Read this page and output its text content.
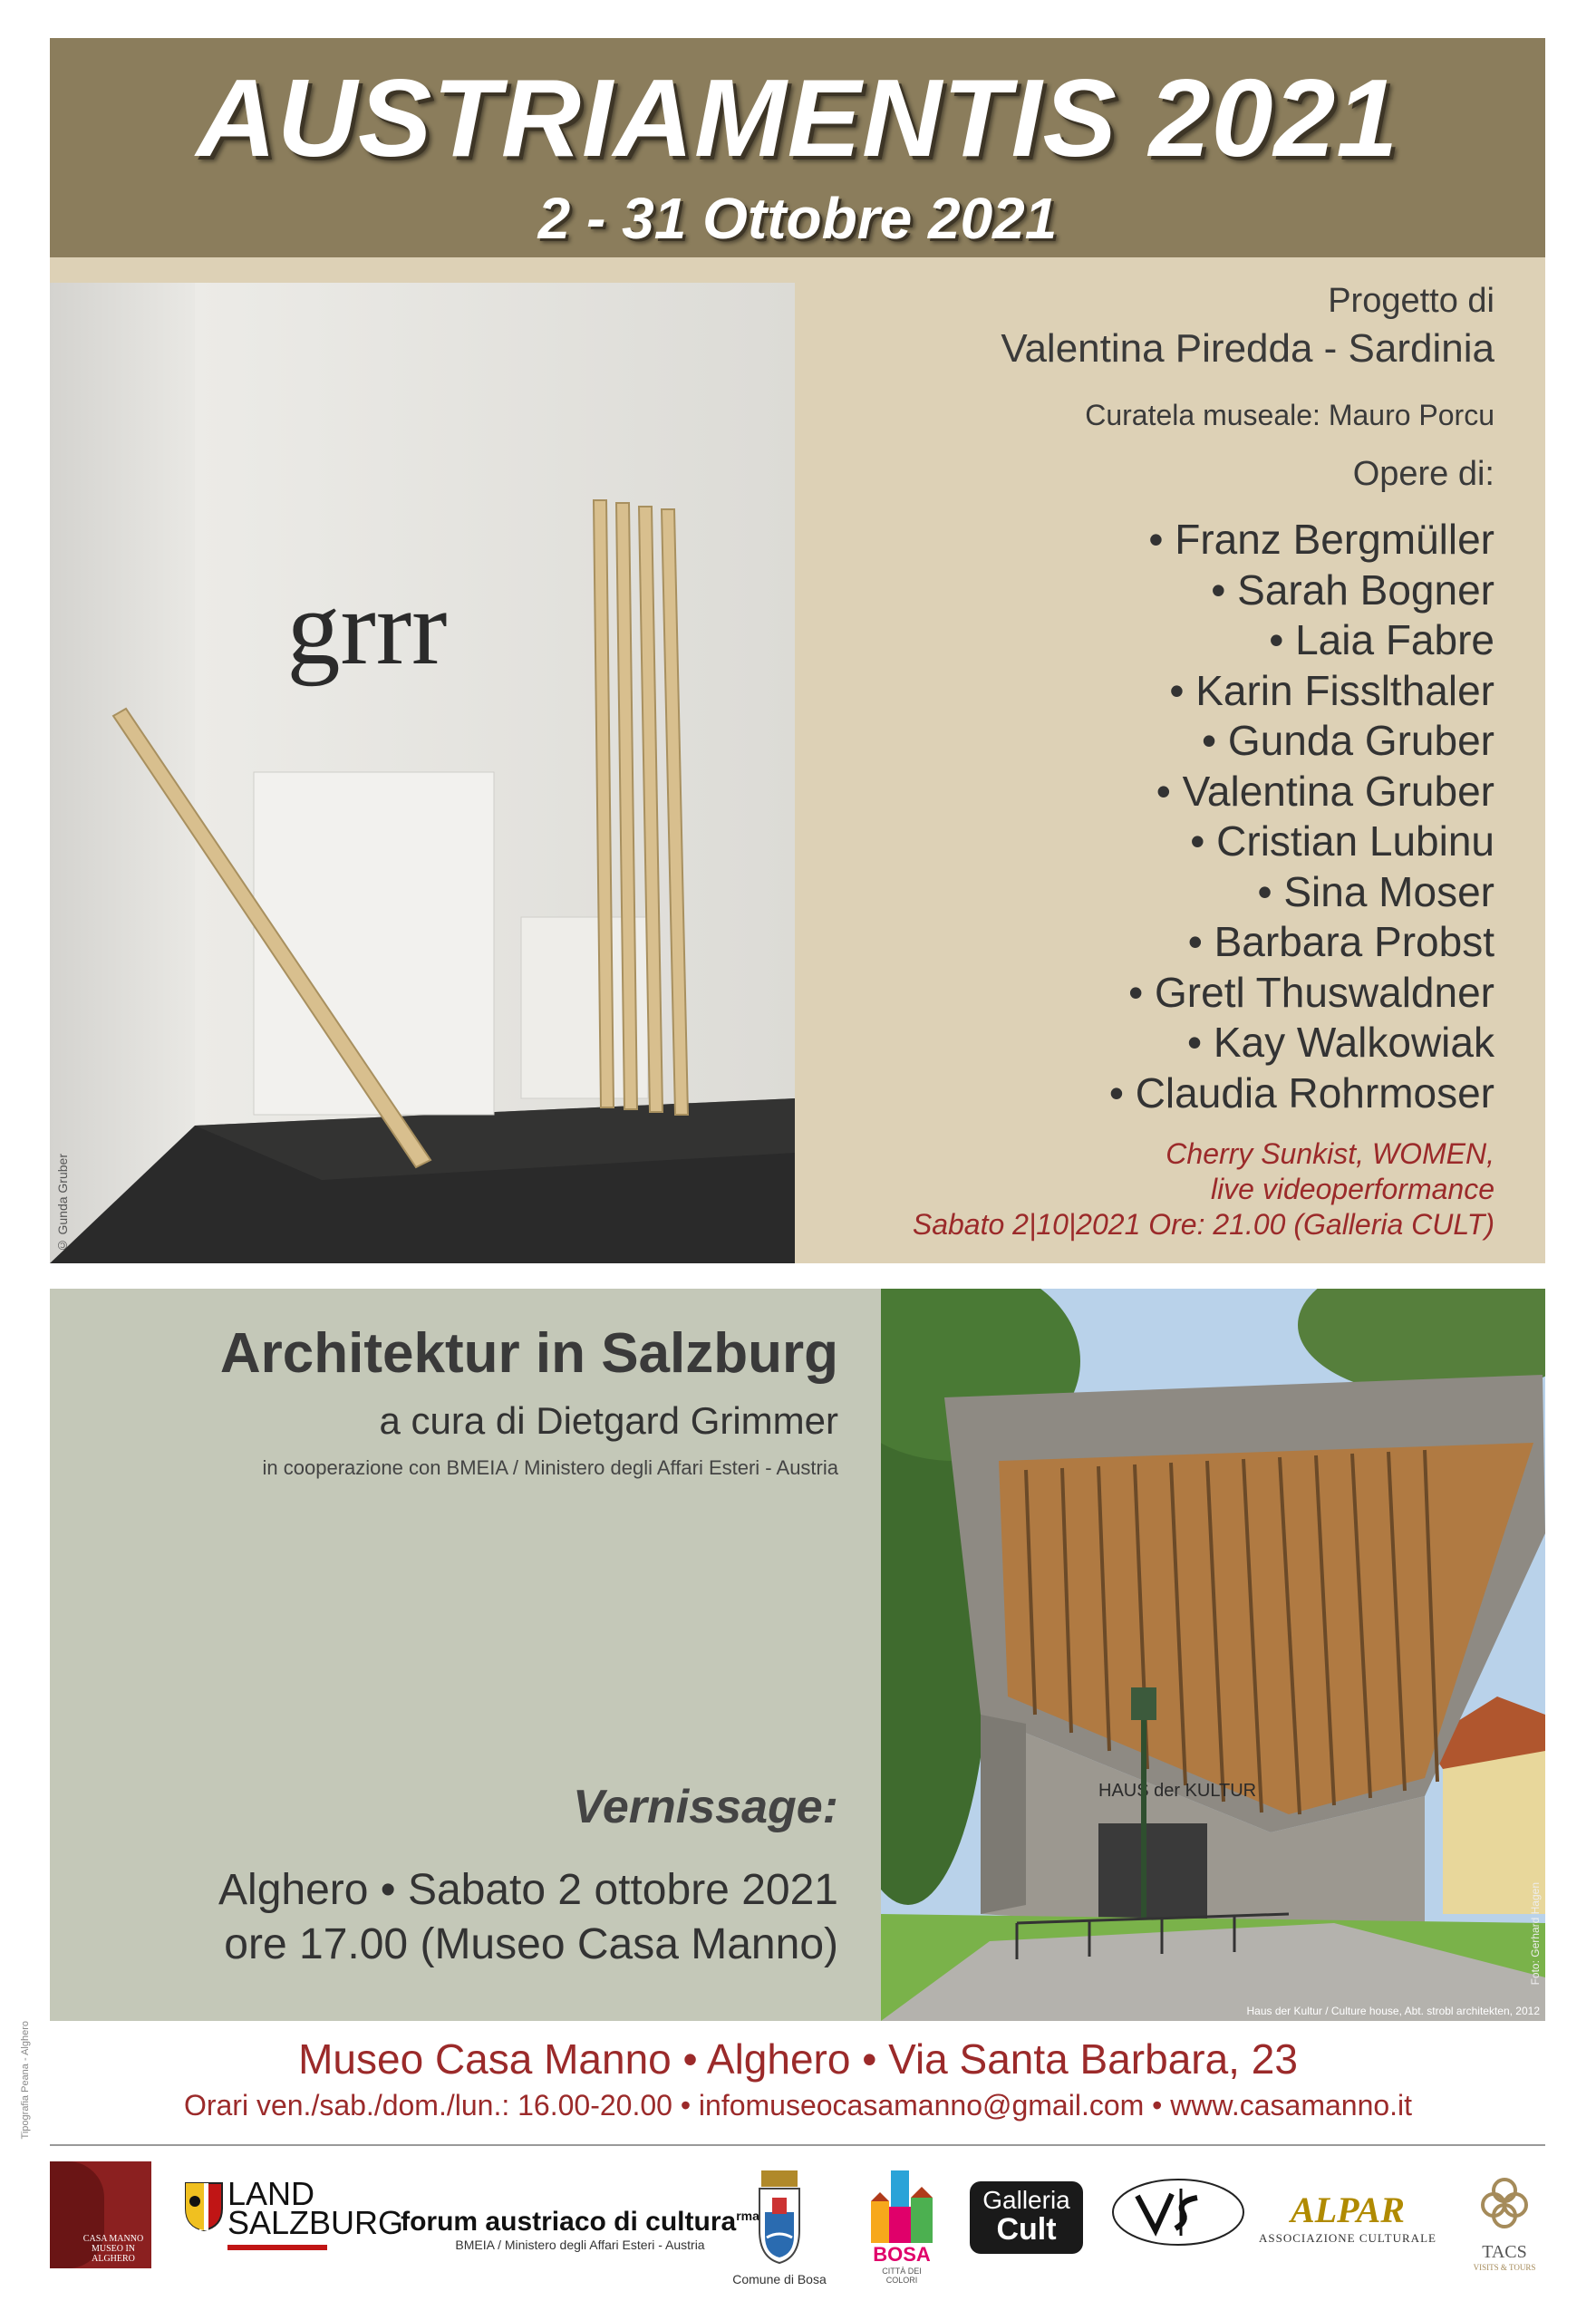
AUSTRIAMENTIS 2021
2 - 31 Ottobre 2021
grrr
© Gunda Gruber
Progetto di
Valentina Piredda - Sardinia
Curatela museale: Mauro Porcu
Opere di:
• Franz Bergmüller
• Sarah Bogner
• Laia Fabre
• Karin Fisslthaler
• Gunda Gruber
• Valentina Gruber
• Cristian Lubinu
• Sina Moser
• Barbara Probst
• Gretl Thuswaldner
• Kay Walkowiak
• Claudia Rohrmoser
Cherry Sunkist, WOMEN,
live videoperformance
Sabato 2|10|2021 Ore: 21.00 (Galleria CULT)
Architektur in Salzburg
a cura di Dietgard Grimmer
in cooperazione con BMEIA / Ministero degli Affari Esteri - Austria
Vernissage:
Alghero • Sabato 2 ottobre 2021
ore 17.00 (Museo Casa Manno)
HAUS der KULTUR
Foto: Gerhard Hagen
Haus der Kultur / Culture house, Abt. strobl architekten, 2012
Tipografia Peana - Alghero	Museo Casa Manno • Alghero • Via Santa Barbara, 23
Orari ven./sab./dom./lun.: 16.00-20.00 • infomuseocasamanno@gmail.com • www.casamanno.it
CASA MANNO MUSEO IN ALGHERO
LAND SALZBURG
forum austriaco di cultura$^{rma}$
BMEIA / Ministero degli Affari Esteri - Austria
Comune di Bosa
BOSA
CITTÀ DEI COLORI
Galleria
Cult	ALPAR
ASSOCIAZIONE CULTURALE
TACS
VISITS & TOURS
